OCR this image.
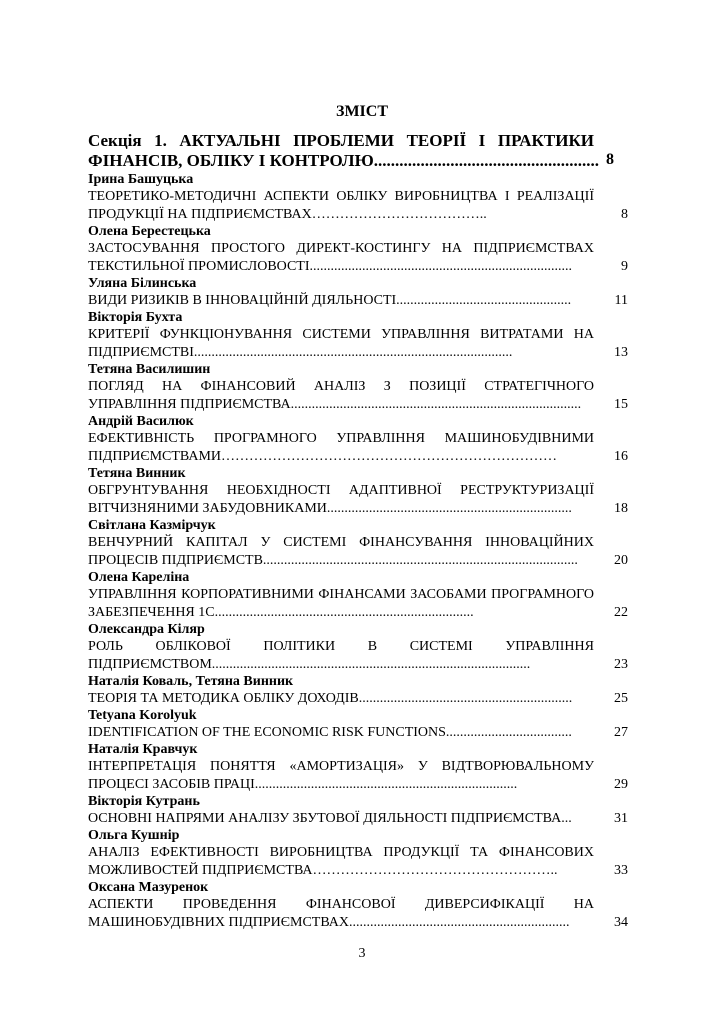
ЗМІСТ
Секція 1. АКТУАЛЬНІ ПРОБЛЕМИ ТЕОРІЇ І ПРАКТИКИ
ФІНАНСІВ, ОБЛІКУ І КОНТРОЛЮ..................................................... 8
Ірина Башуцька
ТЕОРЕТИКО-МЕТОДИЧНІ АСПЕКТИ ОБЛІКУ ВИРОБНИЦТВА І РЕАЛІЗАЦІЇ ПРОДУКЦІЇ НА ПІДПРИЄМСТВАХ………………………………..	8
Олена Берестецька
ЗАСТОСУВАННЯ ПРОСТОГО ДИРЕКТ-КОСТИНГУ НА ПІДПРИЄМСТВАХ ТЕКСТИЛЬНОЇ ПРОМИСЛОВОСТІ...........................................................................	9
Уляна Білинська
ВИДИ РИЗИКІВ В ІННОВАЦІЙНІЙ ДІЯЛЬНОСТІ..................................................	11
Вікторія Бухта
КРИТЕРІЇ ФУНКЦІОНУВАННЯ СИСТЕМИ УПРАВЛІННЯ ВИТРАТАМИ НА ПІДПРИЄМСТВІ...........................................................................................	13
Тетяна Василишин
ПОГЛЯД НА ФІНАНСОВИЙ АНАЛІЗ З ПОЗИЦІЇ СТРАТЕГІЧНОГО УПРАВЛІННЯ ПІДПРИЄМСТВА...................................................................................	15
Андрій Василюк
ЕФЕКТИВНІСТЬ ПРОГРАМНОГО УПРАВЛІННЯ МАШИНОБУДІВНИМИ ПІДПРИЄМСТВАМИ………………………………………………………………	16
Тетяна Винник
ОБГРУНТУВАННЯ НЕОБХІДНОСТІ АДАПТИВНОЇ РЕСТРУКТУРИЗАЦІЇ ВІТЧИЗНЯНИМИ ЗАБУДОВНИКАМИ......................................................................	18
Світлана Казмірчук
ВЕНЧУРНИЙ КАПІТАЛ У СИСТЕМІ ФІНАНСУВАННЯ ІННОВАЦІЙНИХ ПРОЦЕСІВ ПІДПРИЄМСТВ..........................................................................................	20
Олена Кареліна
УПРАВЛІННЯ КОРПОРАТИВНИМИ ФІНАНСАМИ ЗАСОБАМИ ПРОГРАМНОГО ЗАБЕЗПЕЧЕННЯ 1С..........................................................................	22
Олександра Кіляр
РОЛЬ ОБЛІКОВОЇ ПОЛІТИКИ В СИСТЕМІ УПРАВЛІННЯ ПІДПРИЄМСТВОМ...........................................................................................	23
Наталія Коваль, Тетяна Винник
ТЕОРІЯ ТА МЕТОДИКА ОБЛІКУ ДОХОДІВ.............................................................	25
Tetyana Korolyuk
IDENTIFICATION OF THE ECONOMIC RISK FUNCTIONS....................................	27
Наталія Кравчук
ІНТЕРПРЕТАЦІЯ ПОНЯТТЯ «АМОРТИЗАЦІЯ» У ВІДТВОРЮВАЛЬНОМУ ПРОЦЕСІ ЗАСОБІВ ПРАЦІ...........................................................................	29
Вікторія Кутрань
ОСНОВНІ НАПРЯМИ АНАЛІЗУ ЗБУТОВОЇ ДІЯЛЬНОСТІ ПІДПРИЄМСТВА...	31
Ольга Кушнір
АНАЛІЗ ЕФЕКТИВНОСТІ ВИРОБНИЦТВА ПРОДУКЦІЇ ТА ФІНАНСОВИХ МОЖЛИВОСТЕЙ ПІДПРИЄМСТВА……………………………………………..	33
Оксана Мазуренок
АСПЕКТИ ПРОВЕДЕННЯ ФІНАНСОВОЇ ДИВЕРСИФІКАЦІЇ НА МАШИНОБУДІВНИХ ПІДПРИЄМСТВАХ...............................................................	34
3
